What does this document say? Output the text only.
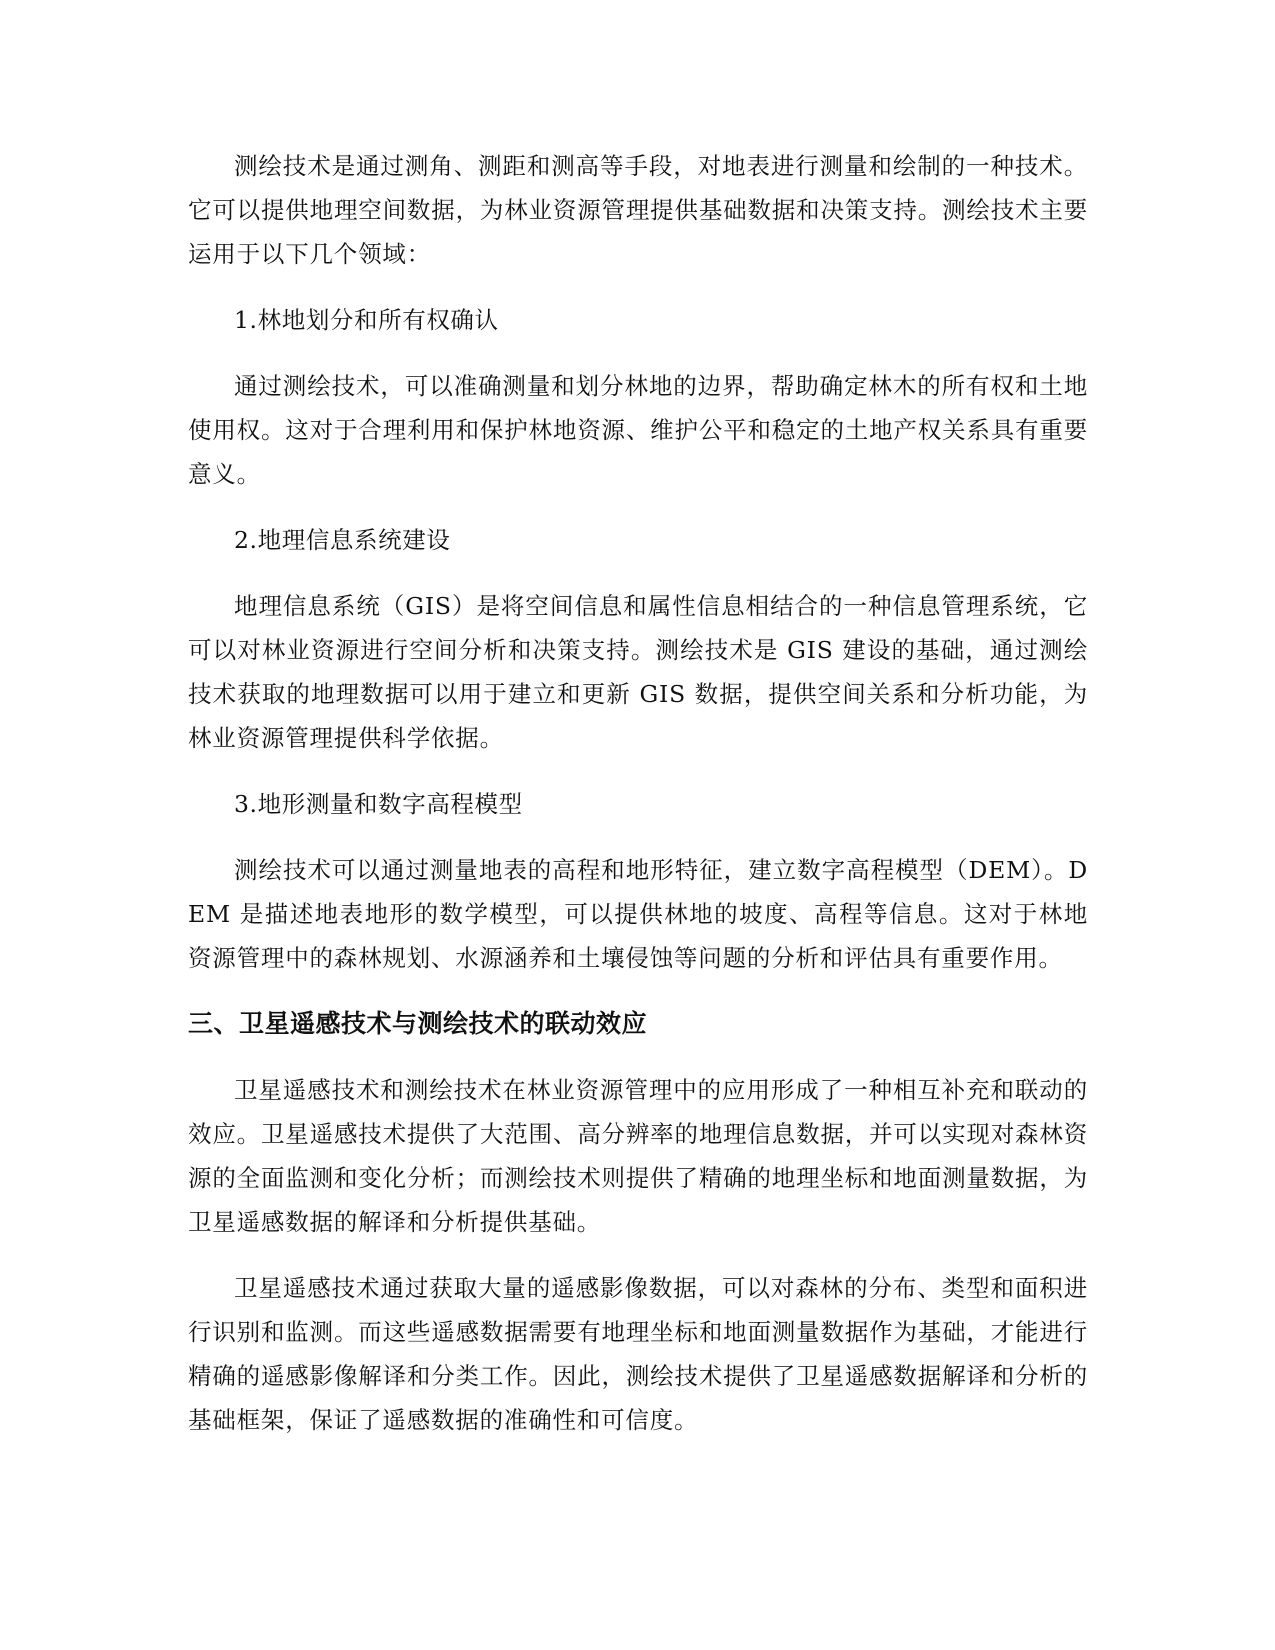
测绘技术是通过测角、测距和测高等手段，对地表进行测量和绘制的一种技术。它可以提供地理空间数据，为林业资源管理提供基础数据和决策支持。测绘技术主要运用于以下几个领域：

1.林地划分和所有权确认

通过测绘技术，可以准确测量和划分林地的边界，帮助确定林木的所有权和土地使用权。这对于合理利用和保护林地资源、维护公平和稳定的土地产权关系具有重要意义。

2.地理信息系统建设

地理信息系统（GIS）是将空间信息和属性信息相结合的一种信息管理系统，它可以对林业资源进行空间分析和决策支持。测绘技术是 GIS 建设的基础，通过测绘技术获取的地理数据可以用于建立和更新 GIS 数据，提供空间关系和分析功能，为林业资源管理提供科学依据。

3.地形测量和数字高程模型

测绘技术可以通过测量地表的高程和地形特征，建立数字高程模型（DEM）。DEM 是描述地表地形的数学模型，可以提供林地的坡度、高程等信息。这对于林地资源管理中的森林规划、水源涵养和土壤侵蚀等问题的分析和评估具有重要作用。

三、卫星遥感技术与测绘技术的联动效应

卫星遥感技术和测绘技术在林业资源管理中的应用形成了一种相互补充和联动的效应。卫星遥感技术提供了大范围、高分辨率的地理信息数据，并可以实现对森林资源的全面监测和变化分析；而测绘技术则提供了精确的地理坐标和地面测量数据，为卫星遥感数据的解译和分析提供基础。

卫星遥感技术通过获取大量的遥感影像数据，可以对森林的分布、类型和面积进行识别和监测。而这些遥感数据需要有地理坐标和地面测量数据作为基础，才能进行精确的遥感影像解译和分类工作。因此，测绘技术提供了卫星遥感数据解译和分析的基础框架，保证了遥感数据的准确性和可信度。
